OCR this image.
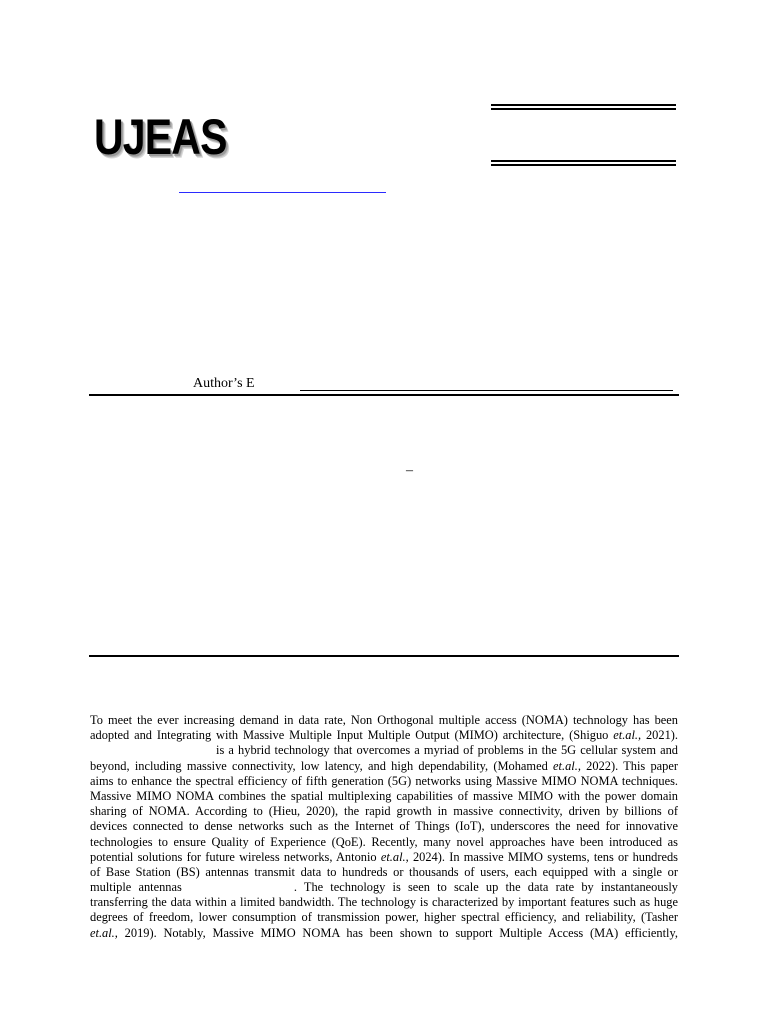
UJEAS
Author’s E
–
To meet the ever increasing demand in data rate, Non Orthogonal multiple access (NOMA) technology has been
adopted and Integrating with Massive Multiple Input Multiple Output (MIMO) architecture, (Shiguo et.al., 2021).
is a hybrid technology that overcomes a myriad of problems in the 5G cellular system and
beyond, including massive connectivity, low latency, and high dependability, (Mohamed et.al., 2022). This paper
aims to enhance the spectral efficiency of fifth generation (5G) networks using Massive MIMO NOMA techniques.
Massive MIMO NOMA combines the spatial multiplexing capabilities of massive MIMO with the power domain
sharing of NOMA. According to (Hieu, 2020), the rapid growth in massive connectivity, driven by billions of
devices connected to dense networks such as the Internet of Things (IoT), underscores the need for innovative
technologies to ensure Quality of Experience (QoE). Recently, many novel approaches have been introduced as
potential solutions for future wireless networks, Antonio et.al., 2024). In massive MIMO systems, tens or hundreds
of Base Station (BS) antennas transmit data to hundreds or thousands of users, each equipped with a single or
multiple antennas	. The technology is seen to scale up the data rate by instantaneously
transferring the data within a limited bandwidth. The technology is characterized by important features such as huge
degrees of freedom, lower consumption of transmission power, higher spectral efficiency, and reliability, (Tasher
et.al., 2019). Notably, Massive MIMO NOMA has been shown to support Multiple Access (MA) efficiently,
